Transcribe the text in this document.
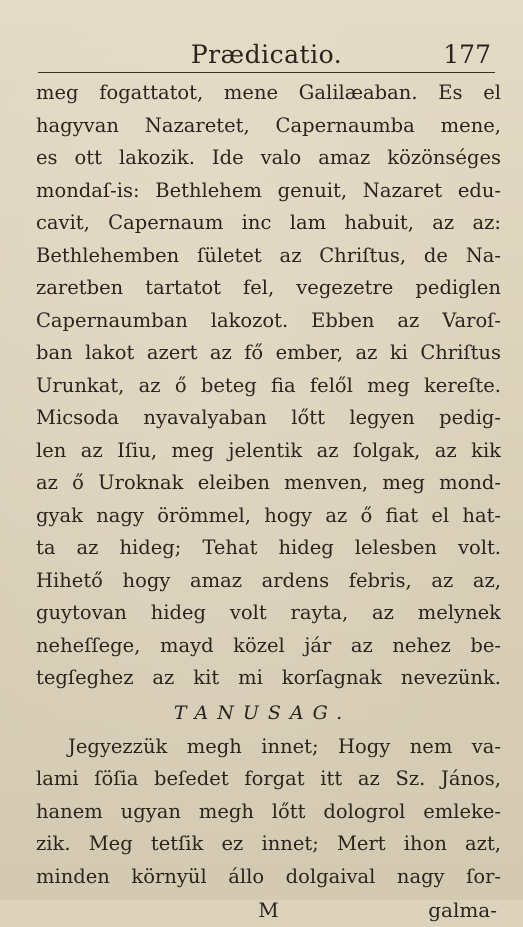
Prædicatio.	177
meg fogattatot, mene Galilæaban. Es el
hagyvan Nazaretet, Capernaumba mene,
es ott lakozik. Ide valo amaz közönséges
mondaſ-is: Bethlehem genuit, Nazaret edu-
cavit, Capernaum inc lam habuit, az az:
Bethlehemben ſületet az Chriſtus, de Na-
zaretben tartatot fel, vegezetre pediglen
Capernaumban lakozot. Ebben az Varoſ-
ban lakot azert az fő ember, az ki Chriſtus
Urunkat, az ő beteg fia felől meg kereſte.
Micsoda nyavalyaban lőtt legyen pedig-
len az Iſiu, meg jelentik az ſolgak, az kik
az ő Uroknak eleiben menven, meg mond-
gyak nagy örömmel, hogy az ő fiat el hat-
ta az hideg; Tehat hideg lelesben volt.
Hihető hogy amaz ardens febris, az az,
guytovan hideg volt rayta, az melynek
neheſſege, mayd közel jár az nehez be-
tegſeghez az kit mi korſagnak nevezünk.
TANUSAG.
Jegyezzük megh innet; Hogy nem va-
lami ſöſia beſedet forgat itt az Sz. János,
hanem ugyan megh lőtt dologrol emleke-
zik. Meg tetſik ez innet; Mert ihon azt,
minden környül állo dolgaival nagy ſor-
M	galma-
